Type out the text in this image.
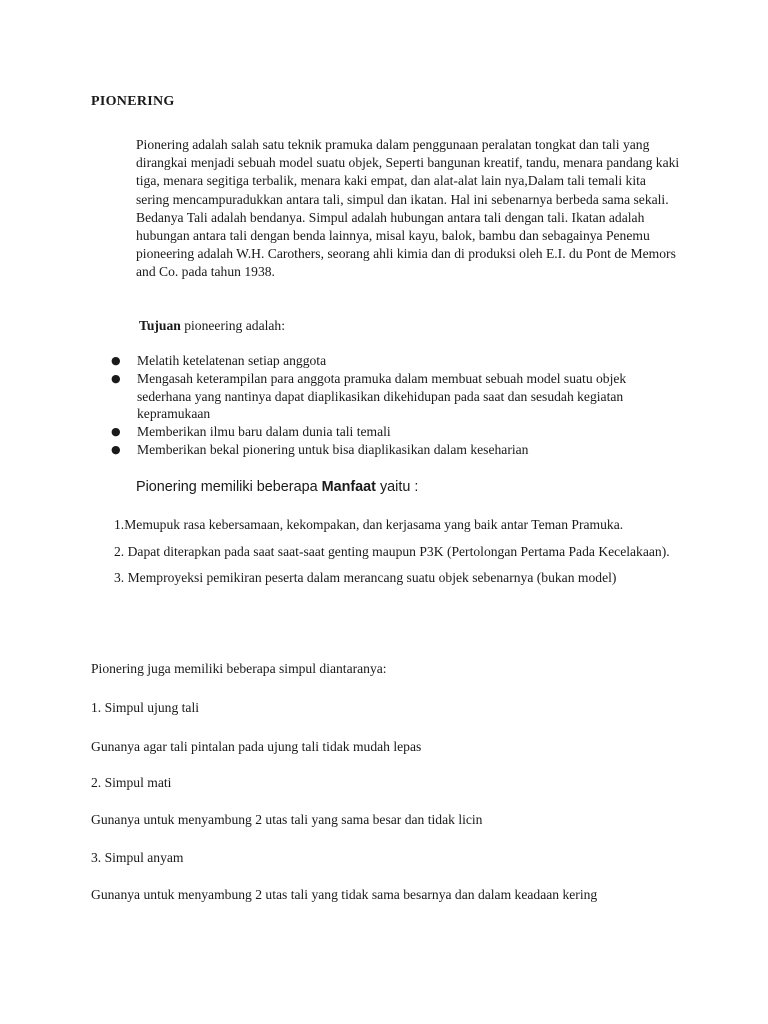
PIONERING

Pionering adalah salah satu teknik pramuka dalam penggunaan peralatan tongkat dan tali yang dirangkai menjadi sebuah model suatu objek, Seperti bangunan kreatif, tandu, menara pandang kaki tiga, menara segitiga terbalik, menara kaki empat, dan alat-alat lain nya,Dalam tali temali kita sering mencampuradukkan antara tali, simpul dan ikatan. Hal ini sebenarnya berbeda sama sekali. Bedanya Tali adalah bendanya. Simpul adalah hubungan antara tali dengan tali. Ikatan adalah hubungan antara tali dengan benda lainnya, misal kayu, balok, bambu dan sebagainya Penemu pioneering adalah W.H. Carothers, seorang ahli kimia dan di produksi oleh E.I. du Pont de Memors and Co. pada tahun 1938.

Tujuan pioneering adalah:
● Melatih ketelatenan setiap anggota
● Mengasah keterampilan para anggota pramuka dalam membuat sebuah model suatu objek sederhana yang nantinya dapat diaplikasikan dikehidupan pada saat dan sesudah kegiatan kepramukaan
● Memberikan ilmu baru dalam dunia tali temali
● Memberikan bekal pionering untuk bisa diaplikasikan dalam keseharian
Pionering memiliki beberapa Manfaat yaitu :

1.Memupuk rasa kebersamaan, kekompakan, dan kerjasama yang baik antar Teman Pramuka.

2. Dapat diterapkan pada saat saat-saat genting maupun P3K (Pertolongan Pertama Pada Kecelakaan).

3. Memproyeksi pemikiran peserta dalam merancang suatu objek sebenarnya (bukan model)

Pionering juga memiliki beberapa simpul diantaranya:
1. Simpul ujung tali
Gunanya agar tali pintalan pada ujung tali tidak mudah lepas
2. Simpul mati
Gunanya untuk menyambung 2 utas tali yang sama besar dan tidak licin
3. Simpul anyam
Gunanya untuk menyambung 2 utas tali yang tidak sama besarnya dan dalam keadaan kering
